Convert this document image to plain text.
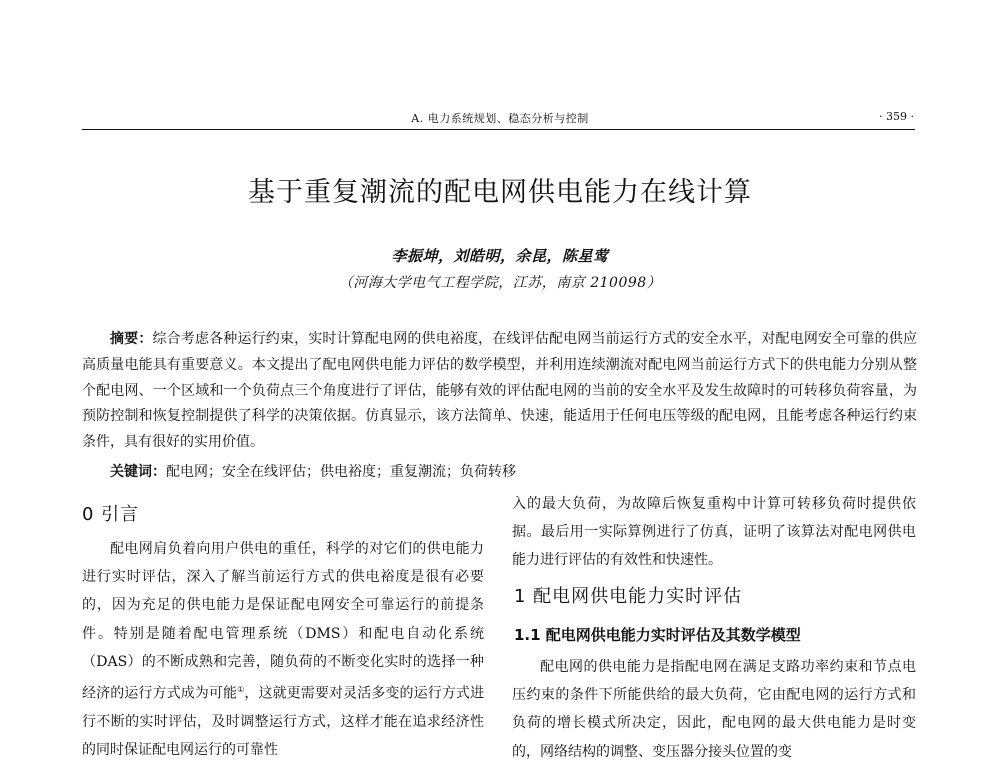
A. 电力系统规划、稳态分析与控制	· 359 ·
基于重复潮流的配电网供电能力在线计算
李振坤，刘皓明，余昆，陈星莺
（河海大学电气工程学院，江苏，南京 210098）
摘要：综合考虑各种运行约束，实时计算配电网的供电裕度，在线评估配电网当前运行方式的安全水平，对配电网安全可靠的供应高质量电能具有重要意义。本文提出了配电网供电能力评估的数学模型，并利用连续潮流对配电网当前运行方式下的供电能力分别从整个配电网、一个区域和一个负荷点三个角度进行了评估，能够有效的评估配电网的当前的安全水平及发生故障时的可转移负荷容量，为预防控制和恢复控制提供了科学的决策依据。仿真显示，该方法简单、快速，能适用于任何电压等级的配电网，且能考虑各种运行约束条件，具有很好的实用价值。
关键词：配电网；安全在线评估；供电裕度；重复潮流；负荷转移
0 引言

配电网肩负着向用户供电的重任，科学的对它们的供电能力进行实时评估，深入了解当前运行方式的供电裕度是很有必要的，因为充足的供电能力是保证配电网安全可靠运行的前提条件。特别是随着配电管理系统（DMS）和配电自动化系统（DAS）的不断成熟和完善，随负荷的不断变化实时的选择一种经济的运行方式成为可能①，这就更需要对灵活多变的运行方式进行不断的实时评估，及时调整运行方式，这样才能在追求经济性的同时保证配电网运行的可靠性

入的最大负荷，为故障后恢复重构中计算可转移负荷时提供依据。最后用一实际算例进行了仿真，证明了该算法对配电网供电能力进行评估的有效性和快速性。

1 配电网供电能力实时评估
1.1 配电网供电能力实时评估及其数学模型

配电网的供电能力是指配电网在满足支路功率约束和节点电压约束的条件下所能供给的最大负荷，它由配电网的运行方式和负荷的增长模式所决定，因此，配电网的最大供电能力是时变的，网络结构的调整、变压器分接头位置的变
